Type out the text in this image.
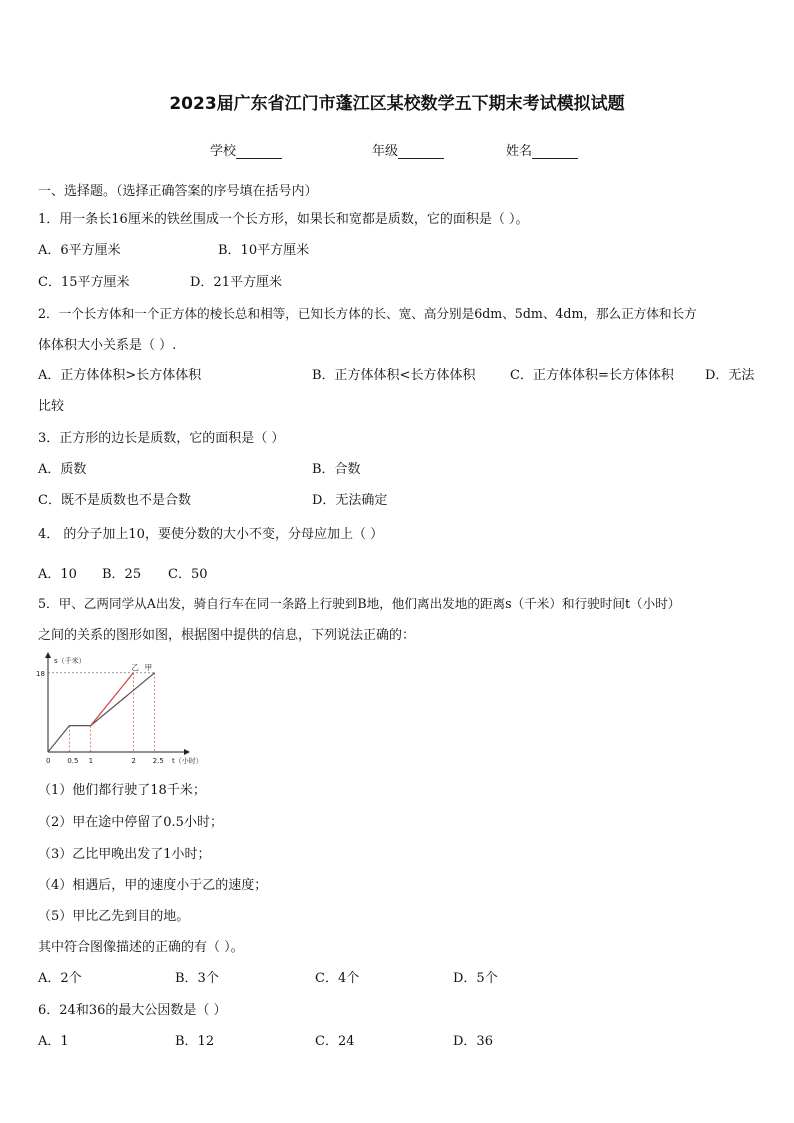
2023届广东省江门市蓬江区某校数学五下期末考试模拟试题
学校	年级	姓名
一、选择题。（选择正确答案的序号填在括号内）
1．用一条长16厘米的铁丝围成一个长方形，如果长和宽都是质数，它的面积是（ ）。
A．6平方厘米	B．10平方厘米
C．15平方厘米	D．21平方厘米
2．一个长方体和一个正方体的棱长总和相等，已知长方体的长、宽、高分别是6dm、5dm、4dm，那么正方体和长方
体体积大小关系是（ ）.
A．正方体体积>长方体体积	B．正方体体积<长方体体积	C．正方体体积=长方体体积 D．无法
比较
3．正方形的边长是质数，它的面积是（ ）
A．质数	B．合数
C．既不是质数也不是合数	D．无法确定
4． 的分子加上10，要使分数的大小不变，分母应加上（ ）
A．10 B．25 C．50
5．甲、乙两同学从A出发，骑自行车在同一条路上行驶到B地，他们离出发地的距离s（千米）和行驶时间t（小时）
之间的关系的图形如图，根据图中提供的信息，下列说法正确的：
s（千米）
t（小时）
0 0.5 1	2 2.5
18
甲
乙
（1）他们都行驶了18千米；
（2）甲在途中停留了0.5小时；
（3）乙比甲晚出发了1小时；
（4）相遇后，甲的速度小于乙的速度；
（5）甲比乙先到目的地。
其中符合图像描述的正确的有（ ）。
A．2个	B．3个	C．4个	D．5个
6．24和36的最大公因数是（ ）
A．1	B．12	C．24	D．36
